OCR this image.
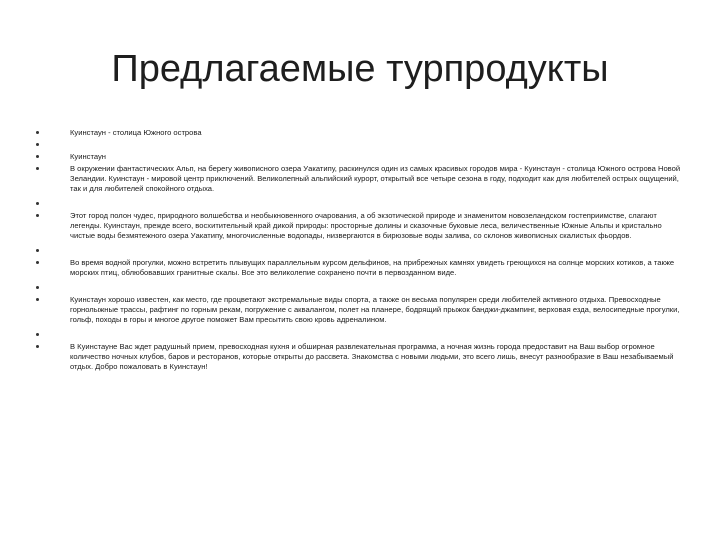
Предлагаемые турпродукты
Куинстаун - столица Южного острова
Куинстаун
В окружении фантастических Альп, на берегу живописного озера Уакатипу, раскинулся один из самых красивых городов мира - Куинстаун - столица Южного острова Новой Зеландии. Куинстаун - мировой центр приключений. Великолепный альпийский курорт, открытый все четыре сезона в году, подходит как для любителей острых ощущений, так и для любителей спокойного отдыха.
Этот город полон чудес, природного волшебства и необыкновенного очарования, а об экзотической природе и знаменитом новозеландском гостеприимстве, слагают легенды. Куинстаун, прежде всего, восхитительный край дикой природы: просторные долины и сказочные буковые леса, величественные Южные Альпы и кристально чистые воды безмятежного озера Уакатипу, многочисленные водопады, низвергаются в бирюзовые воды залива, со склонов живописных скалистых фьордов.
Во время водной прогулки, можно встретить плывущих параллельным курсом дельфинов, на прибрежных камнях увидеть греющихся на солнце морских котиков, а также морских птиц, облюбовавших гранитные скалы. Все это великолепие сохранено почти в первозданном виде.
Куинстаун хорошо известен, как место, где процветают экстремальные виды спорта, а также он весьма популярен среди любителей активного отдыха. Превосходные горнолыжные трассы, рафтинг по горным рекам, погружение с аквалангом, полет на планере, бодрящий прыжок банджи-джампинг, верховая езда, велосипедные прогулки, гольф, походы в горы и многое другое поможет Вам пресытить свою кровь адреналином.
В Куинстауне Вас ждет радушный прием, превосходная кухня и обширная развлекательная программа, а ночная жизнь города предоставит на Ваш выбор огромное количество ночных клубов, баров и ресторанов, которые открыты до рассвета. Знакомства с новыми людьми, это всего лишь, внесут разнообразие в Ваш незабываемый отдых. Добро пожаловать в Куинстаун!
